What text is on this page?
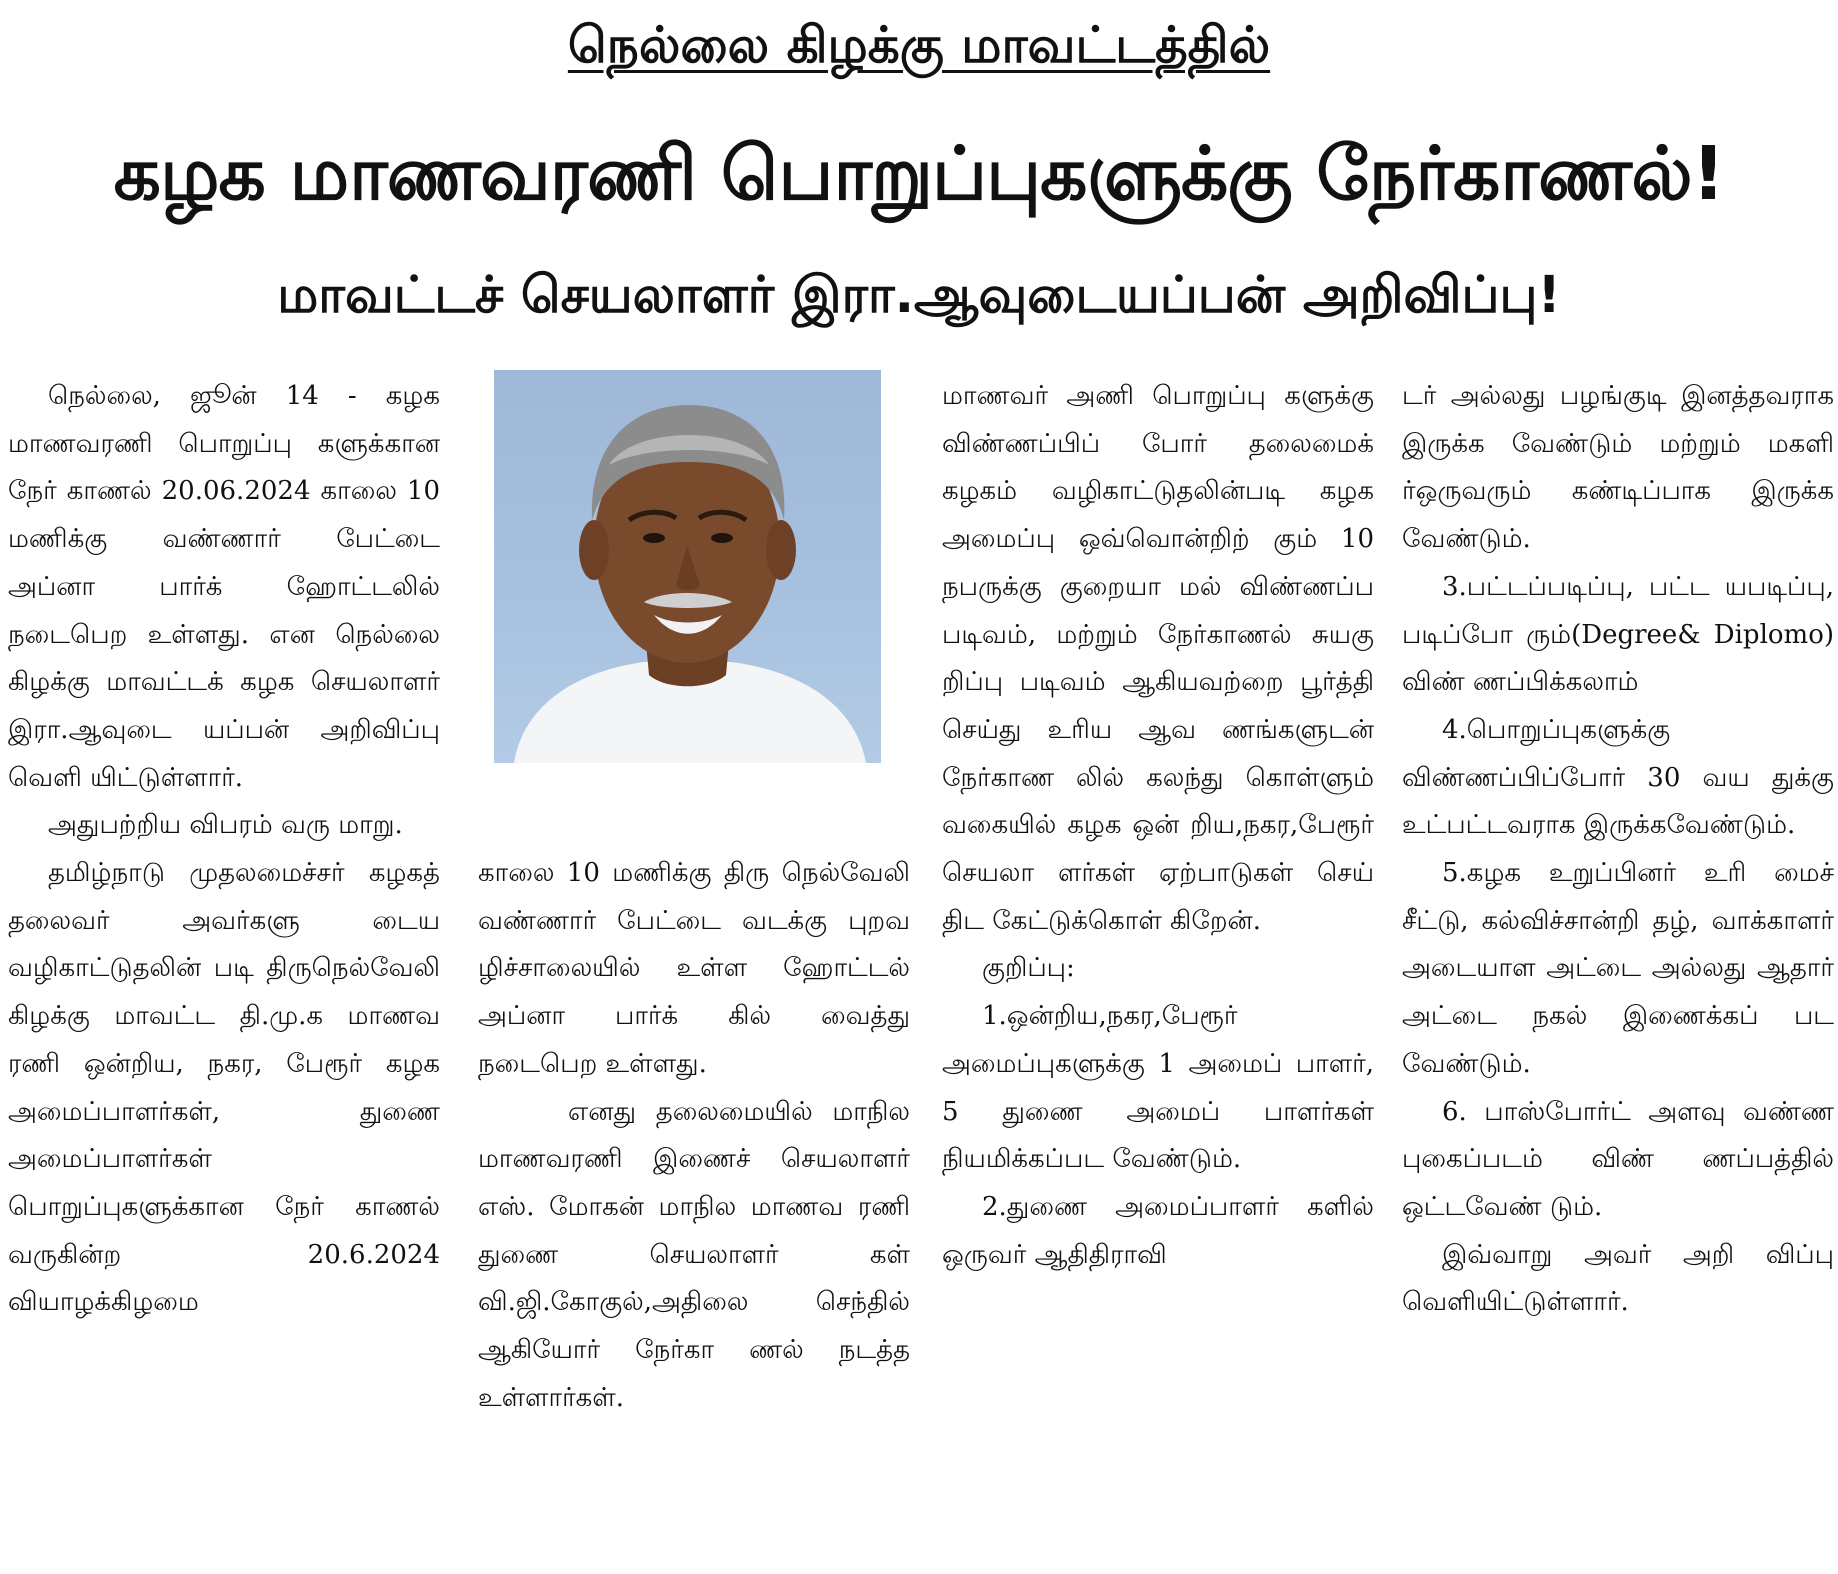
நெல்லை கிழக்கு மாவட்டத்தில்
கழக மாணவரணி பொறுப்புகளுக்கு நேர்காணல்!
மாவட்டச் செயலாளர் இரா.ஆவுடையப்பன் அறிவிப்பு!

நெல்லை, ஜூன் 14 - கழக மாணவரணி பொறுப்பு களுக்கான நேர் காணல் 20.06.2024 காலை 10 மணிக்கு வண்ணார் பேட்டை அப்னா பார்க் ஹோட்டலில் நடைபெற உள்ளது. என நெல்லை கிழக்கு மாவட்டக் கழக செயலாளர் இரா.ஆவுடை யப்பன் அறிவிப்பு வெளி யிட்டுள்ளார்.

அதுபற்றிய விபரம் வரு மாறு.

தமிழ்நாடு முதலமைச்சர் கழகத் தலைவர் அவர்களு டைய வழிகாட்டுதலின் படி திருநெல்வேலி கிழக்கு மாவட்ட தி.மு.க மாணவ ரணி ஒன்றிய, நகர, பேரூர் கழக அமைப்பாளர்கள், துணை அமைப்பாளர்கள் பொறுப்புகளுக்கான நேர் காணல் வருகின்ற 20.6.2024 வியாழக்கிழமை

காலை 10 மணிக்கு திரு நெல்வேலி வண்ணார் பேட்டை வடக்கு புறவ ழிச்சாலையில் உள்ள ஹோட்டல் அப்னா பார்க் கில் வைத்து நடைபெற உள்ளது.

எனது தலைமையில் மாநில மாணவரணி இணைச் செயலாளர் எஸ். மோகன் மாநில மாணவ ரணி துணை செயலாளர் கள் வி.ஜி.கோகுல்,அதிலை செந்தில் ஆகியோர் நேர்கா ணல் நடத்த உள்ளார்கள்.

மாணவர் அணி பொறுப்பு களுக்கு விண்ணப்பிப் போர் தலைமைக் கழகம் வழிகாட்டுதலின்படி கழக அமைப்பு ஒவ்வொன்றிற் கும் 10 நபருக்கு குறையா மல் விண்ணப்ப படிவம், மற்றும் நேர்காணல் சுயகு றிப்பு படிவம் ஆகியவற்றை பூர்த்தி செய்து உரிய ஆவ ணங்களுடன் நேர்காண லில் கலந்து கொள்ளும் வகையில் கழக ஒன் றிய,நகர,பேரூர் செயலா ளர்கள் ஏற்பாடுகள் செய் திட கேட்டுக்கொள் கிறேன்.

குறிப்பு:

1.ஒன்றிய,நகர,பேரூர் அமைப்புகளுக்கு 1 அமைப் பாளர், 5 துணை அமைப் பாளர்கள் நியமிக்கப்பட வேண்டும்.

2.துணை அமைப்பாளர் களில் ஒருவர் ஆதிதிராவி

டர் அல்லது பழங்குடி இனத்தவராக இருக்க வேண்டும் மற்றும் மகளி ர்ஒருவரும் கண்டிப்பாக இருக்க வேண்டும்.

3.பட்டப்படிப்பு, பட்ட யபடிப்பு, படிப்போ ரும்(Degree& Diplomo) விண் ணப்பிக்கலாம்

4.பொறுப்புகளுக்கு விண்ணப்பிப்போர் 30 வய துக்கு உட்பட்டவராக இருக்கவேண்டும்.

5.கழக உறுப்பினர் உரி மைச் சீட்டு, கல்விச்சான்றி தழ், வாக்காளர் அடையாள அட்டை அல்லது ஆதார் அட்டை நகல் இணைக்கப் பட வேண்டும்.

6. பாஸ்போர்ட் அளவு வண்ண புகைப்படம் விண் ணப்பத்தில் ஒட்டவேண் டும்.

இவ்வாறு அவர் அறி விப்பு வெளியிட்டுள்ளார்.
